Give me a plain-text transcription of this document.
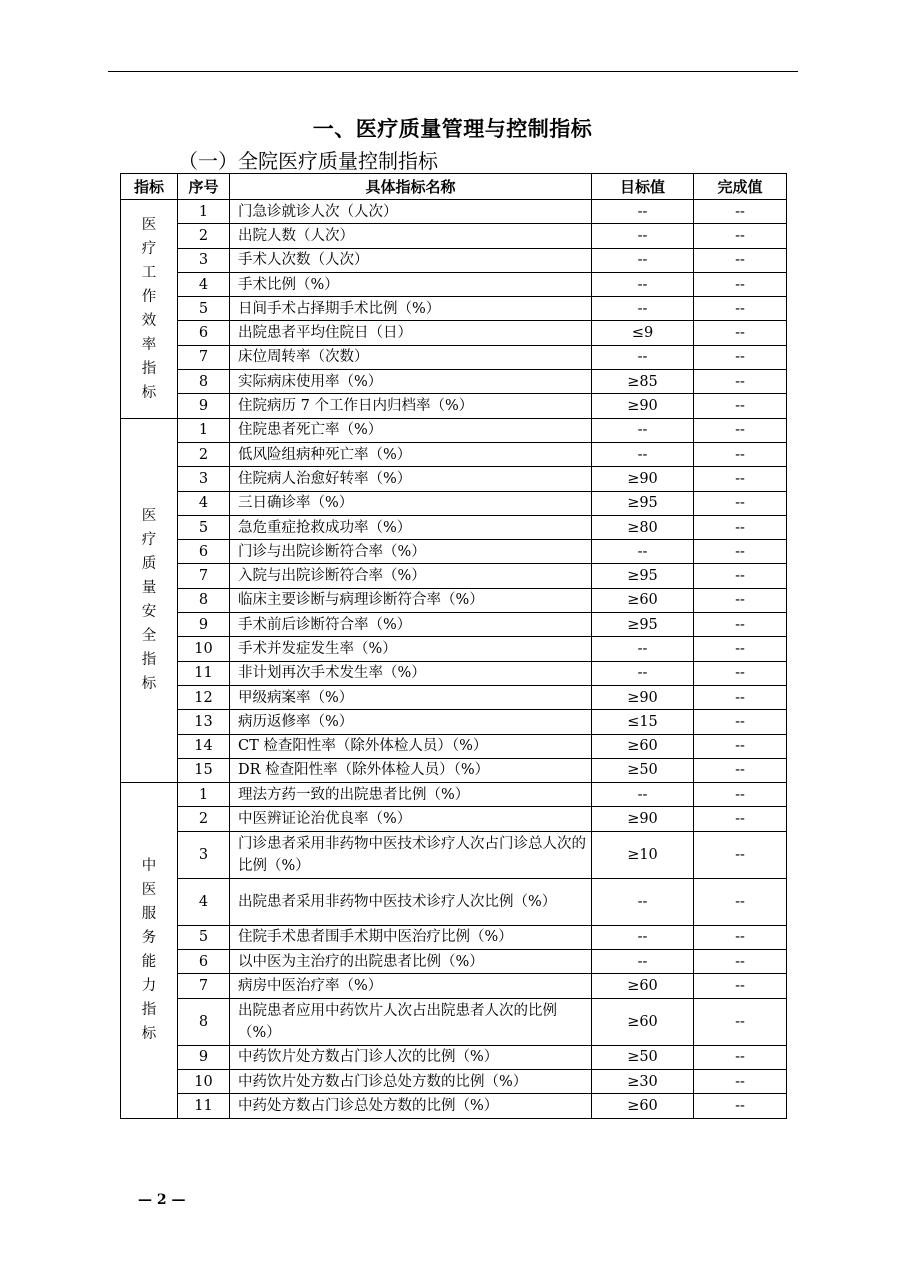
一、医疗质量管理与控制指标
（一）全院医疗质量控制指标
指标	序号	具体指标名称	目标值	完成值
医疗工作效率指标	1	门急诊就诊人次（人次）	--	--
	2	出院人数（人次）	--	--
	3	手术人次数（人次）	--	--
	4	手术比例（%）	--	--
	5	日间手术占择期手术比例（%）	--	--
	6	出院患者平均住院日（日）	≤9	--
	7	床位周转率（次数）	--	--
	8	实际病床使用率（%）	≥85	--
	9	住院病历 7 个工作日内归档率（%）	≥90	--
医疗质量安全指标	1	住院患者死亡率（%）	--	--
	2	低风险组病种死亡率（%）	--	--
	3	住院病人治愈好转率（%）	≥90	--
	4	三日确诊率（%）	≥95	--
	5	急危重症抢救成功率（%）	≥80	--
	6	门诊与出院诊断符合率（%）	--	--
	7	入院与出院诊断符合率（%）	≥95	--
	8	临床主要诊断与病理诊断符合率（%）	≥60	--
	9	手术前后诊断符合率（%）	≥95	--
	10	手术并发症发生率（%）	--	--
	11	非计划再次手术发生率（%）	--	--
	12	甲级病案率（%）	≥90	--
	13	病历返修率（%）	≤15	--
	14	CT 检查阳性率（除外体检人员）（%）	≥60	--
	15	DR 检查阳性率（除外体检人员）（%）	≥50	--
中医服务能力指标	1	理法方药一致的出院患者比例（%）	--	--
	2	中医辨证论治优良率（%）	≥90	--
	3	门诊患者采用非药物中医技术诊疗人次占门诊总人次的比例（%）	≥10	--
	4	出院患者采用非药物中医技术诊疗人次比例（%）	--	--
	5	住院手术患者围手术期中医治疗比例（%）	--	--
	6	以中医为主治疗的出院患者比例（%）	--	--
	7	病房中医治疗率（%）	≥60	--
	8	出院患者应用中药饮片人次占出院患者人次的比例（%）	≥60	--
	9	中药饮片处方数占门诊人次的比例（%）	≥50	--
	10	中药饮片处方数占门诊总处方数的比例（%）	≥30	--
	11	中药处方数占门诊总处方数的比例（%）	≥60	--
— 2 —
